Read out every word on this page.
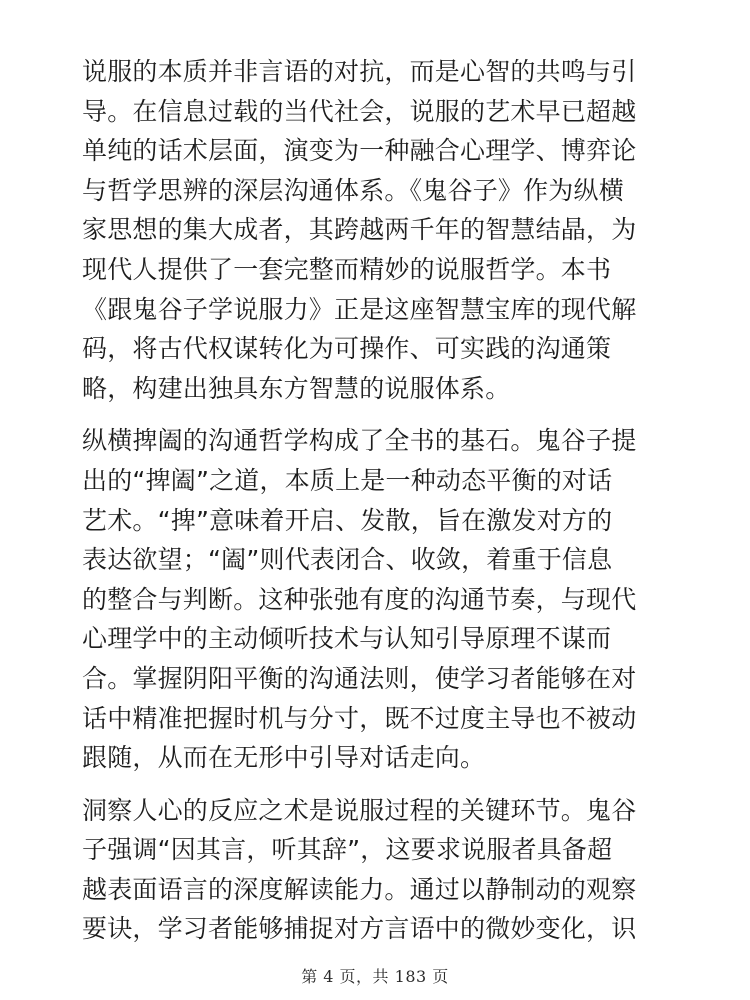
说服的本质并非言语的对抗，而是心智的共鸣与引
导。在信息过载的当代社会，说服的艺术早已超越
单纯的话术层面，演变为一种融合心理学、博弈论
与哲学思辨的深层沟通体系。《鬼谷子》作为纵横
家思想的集大成者，其跨越两千年的智慧结晶，为
现代人提供了一套完整而精妙的说服哲学。本书
《跟鬼谷子学说服力》正是这座智慧宝库的现代解
码，将古代权谋转化为可操作、可实践的沟通策
略，构建出独具东方智慧的说服体系。

纵横捭阖的沟通哲学构成了全书的基石。鬼谷子提
出的“捭阖”之道，本质上是一种动态平衡的对话
艺术。“捭”意味着开启、发散，旨在激发对方的
表达欲望；“阖”则代表闭合、收敛，着重于信息
的整合与判断。这种张弛有度的沟通节奏，与现代
心理学中的主动倾听技术与认知引导原理不谋而
合。掌握阴阳平衡的沟通法则，使学习者能够在对
话中精准把握时机与分寸，既不过度主导也不被动
跟随，从而在无形中引导对话走向。

洞察人心的反应之术是说服过程的关键环节。鬼谷
子强调“因其言，听其辞”，这要求说服者具备超
越表面语言的深度解读能力。通过以静制动的观察
要诀，学习者能够捕捉对方言语中的微妙变化，识

第 4 页，共 183 页
